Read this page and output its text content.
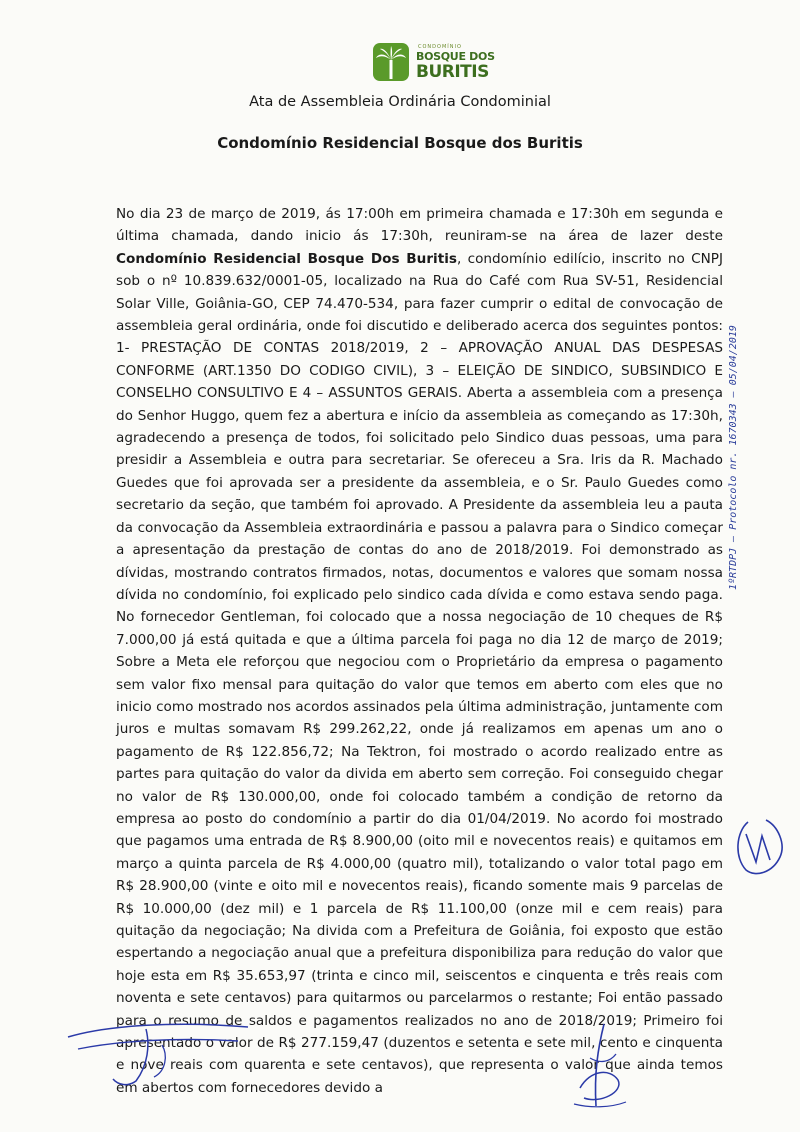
CONDOMÍNIO
BOSQUE DOS
BURITIS
Ata de Assembleia Ordinária Condominial
Condomínio Residencial Bosque dos Buritis

No dia 23 de março de 2019, ás 17:00h em primeira chamada e 17:30h em segunda e última chamada, dando inicio ás 17:30h, reuniram-se na área de lazer deste Condomínio Residencial Bosque Dos Buritis, condomínio edilício, inscrito no CNPJ sob o nº 10.839.632/0001-05, localizado na Rua do Café com Rua SV-51, Residencial Solar Ville, Goiânia-GO, CEP 74.470-534, para fazer cumprir o edital de convocação de assembleia geral ordinária, onde foi discutido e deliberado acerca dos seguintes pontos: 1- PRESTAÇÃO DE CONTAS 2018/2019, 2 – APROVAÇÃO ANUAL DAS DESPESAS CONFORME (ART.1350 DO CODIGO CIVIL), 3 – ELEIÇÃO DE SINDICO, SUBSINDICO E CONSELHO CONSULTIVO E 4 – ASSUNTOS GERAIS. Aberta a assembleia com a presença do Senhor Huggo, quem fez a abertura e início da assembleia as começando as 17:30h, agradecendo a presença de todos, foi solicitado pelo Sindico duas pessoas, uma para presidir a Assembleia e outra para secretariar. Se ofereceu a Sra. Iris da R. Machado Guedes que foi aprovada ser a presidente da assembleia, e o Sr. Paulo Guedes como secretario da seção, que também foi aprovado. A Presidente da assembleia leu a pauta da convocação da Assembleia extraordinária e passou a palavra para o Sindico começar a apresentação da prestação de contas do ano de 2018/2019. Foi demonstrado as dívidas, mostrando contratos firmados, notas, documentos e valores que somam nossa dívida no condomínio, foi explicado pelo sindico cada dívida e como estava sendo paga. No fornecedor Gentleman, foi colocado que a nossa negociação de 10 cheques de R$ 7.000,00 já está quitada e que a última parcela foi paga no dia 12 de março de 2019; Sobre a Meta ele reforçou que negociou com o Proprietário da empresa o pagamento sem valor fixo mensal para quitação do valor que temos em aberto com eles que no inicio como mostrado nos acordos assinados pela última administração, juntamente com juros e multas somavam R$ 299.262,22, onde já realizamos em apenas um ano o pagamento de R$ 122.856,72; Na Tektron, foi mostrado o acordo realizado entre as partes para quitação do valor da divida em aberto sem correção. Foi conseguido chegar no valor de R$ 130.000,00, onde foi colocado também a condição de retorno da empresa ao posto do condomínio a partir do dia 01/04/2019. No acordo foi mostrado que pagamos uma entrada de R$ 8.900,00 (oito mil e novecentos reais) e quitamos em março a quinta parcela de R$ 4.000,00 (quatro mil), totalizando o valor total pago em R$ 28.900,00 (vinte e oito mil e novecentos reais), ficando somente mais 9 parcelas de R$ 10.000,00 (dez mil) e 1 parcela de R$ 11.100,00 (onze mil e cem reais) para quitação da negociação; Na divida com a Prefeitura de Goiânia, foi exposto que estão espertando a negociação anual que a prefeitura disponibiliza para redução do valor que hoje esta em R$ 35.653,97 (trinta e cinco mil, seiscentos e cinquenta e três reais com noventa e sete centavos) para quitarmos ou parcelarmos o restante; Foi então passado para o resumo de saldos e pagamentos realizados no ano de 2018/2019; Primeiro foi apresentado o valor de R$ 277.159,47 (duzentos e setenta e sete mil, cento e cinquenta e nove reais com quarenta e sete centavos), que representa o valor que ainda temos em abertos com fornecedores devido a

1ºRTDPJ – Protocolo nr. 1670343 – 05/04/2019
